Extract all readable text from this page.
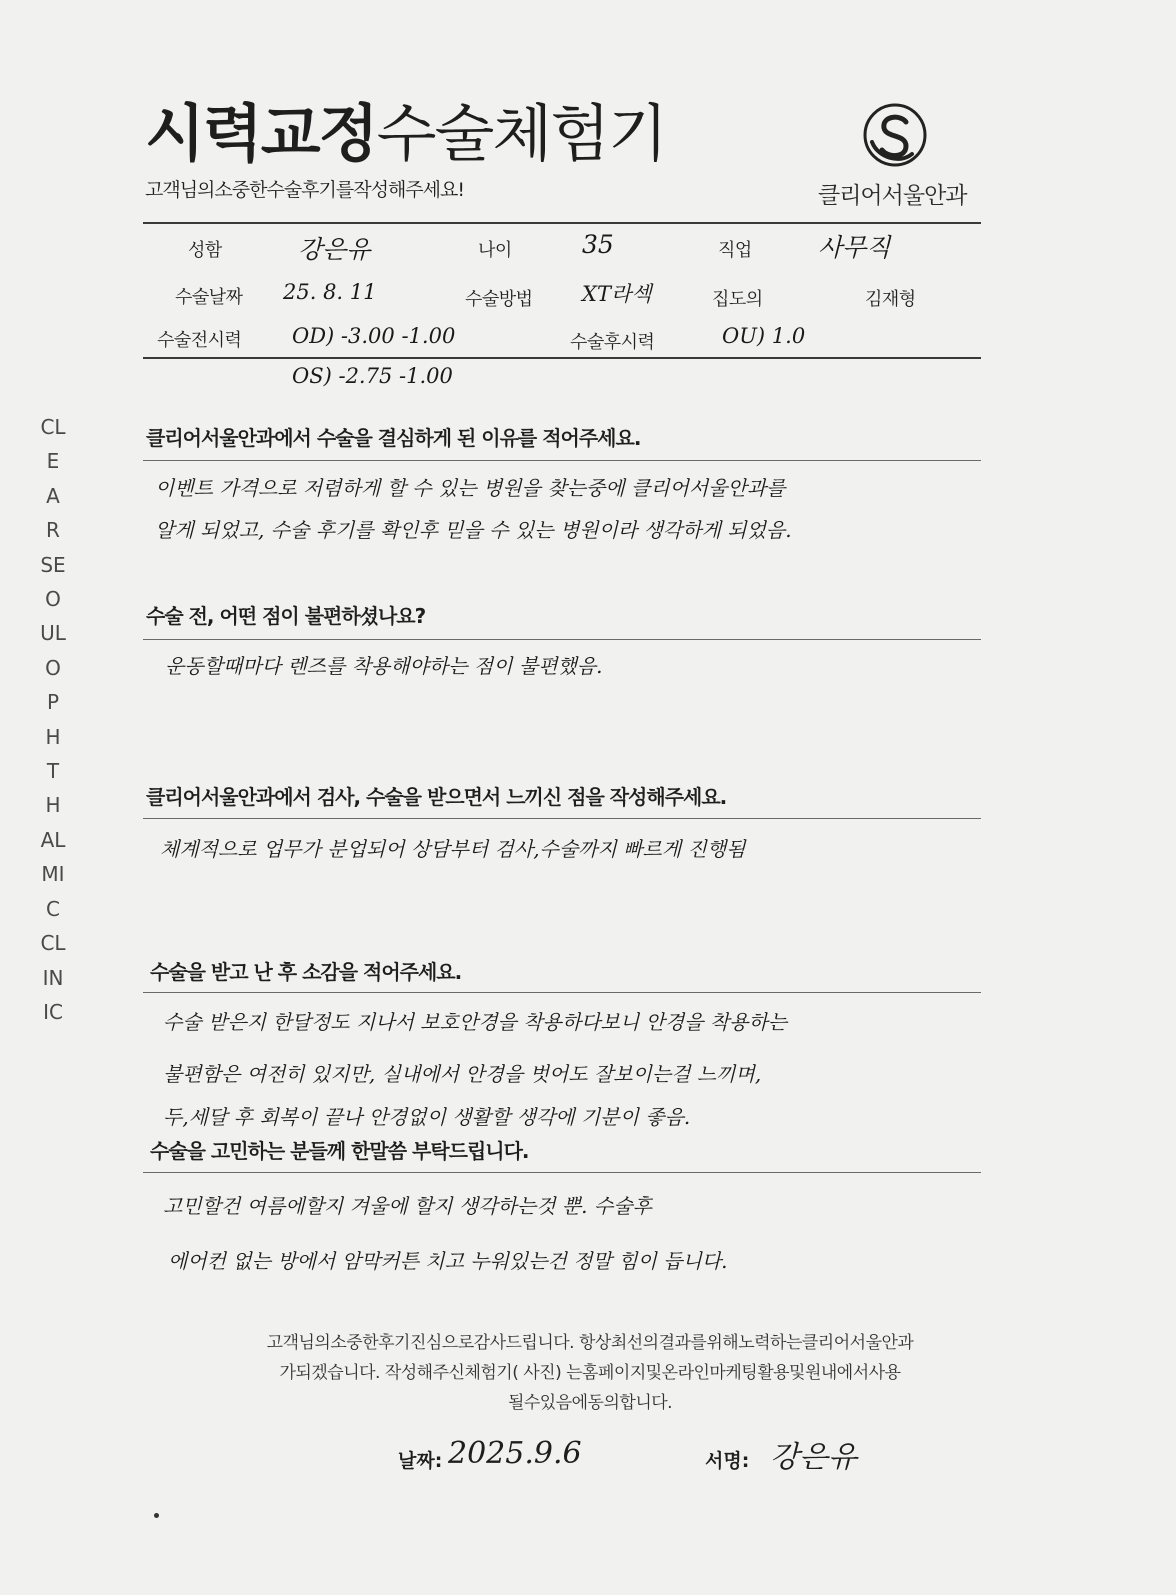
시력교정수술체험기
고객님의소중한수술후기를작성해주세요!	클리어서울안과
성함	강은유	나이	35	직업	사무직
수술날짜 25. 8. 11	수술방법 XT라섹	집도의	김재형
수술전시력 OD) -3.00 -1.00	수술후시력	OU) 1.0
OS) -2.75 -1.00
CLEAR SEOUL OPHTHALMIC CLINIC
클리어서울안과에서 수술을 결심하게 된 이유를 적어주세요.
이벤트 가격으로 저렴하게 할 수 있는 병원을 찾는중에 클리어서울안과를
알게 되었고, 수술 후기를 확인후 믿을 수 있는 병원이라 생각하게 되었음.
수술 전, 어떤 점이 불편하셨나요?
운동할때마다 렌즈를 착용해야하는 점이 불편했음.
클리어서울안과에서 검사, 수술을 받으면서 느끼신 점을 작성해주세요.
체계적으로 업무가 분업되어 상담부터 검사,수술까지 빠르게 진행됨
수술을 받고 난 후 소감을 적어주세요.
수술 받은지 한달정도 지나서 보호안경을 착용하다보니 안경을 착용하는
불편함은 여전히 있지만, 실내에서 안경을 벗어도 잘보이는걸 느끼며,
두,세달 후 회복이 끝나 안경없이 생활할 생각에 기분이 좋음.
수술을 고민하는 분들께 한말씀 부탁드립니다.
고민할건 여름에할지 겨울에 할지 생각하는것 뿐. 수술후
에어컨 없는 방에서 암막커튼 치고 누워있는건 정말 힘이 듭니다.
고객님의소중한후기진심으로감사드립니다. 항상최선의결과를위해노력하는클리어서울안과
가되겠습니다. 작성해주신체험기( 사진) 는홈페이지및온라인마케팅활용및원내에서사용
될수있음에동의합니다.
날짜: 2025.9.6	서명: 강은유
